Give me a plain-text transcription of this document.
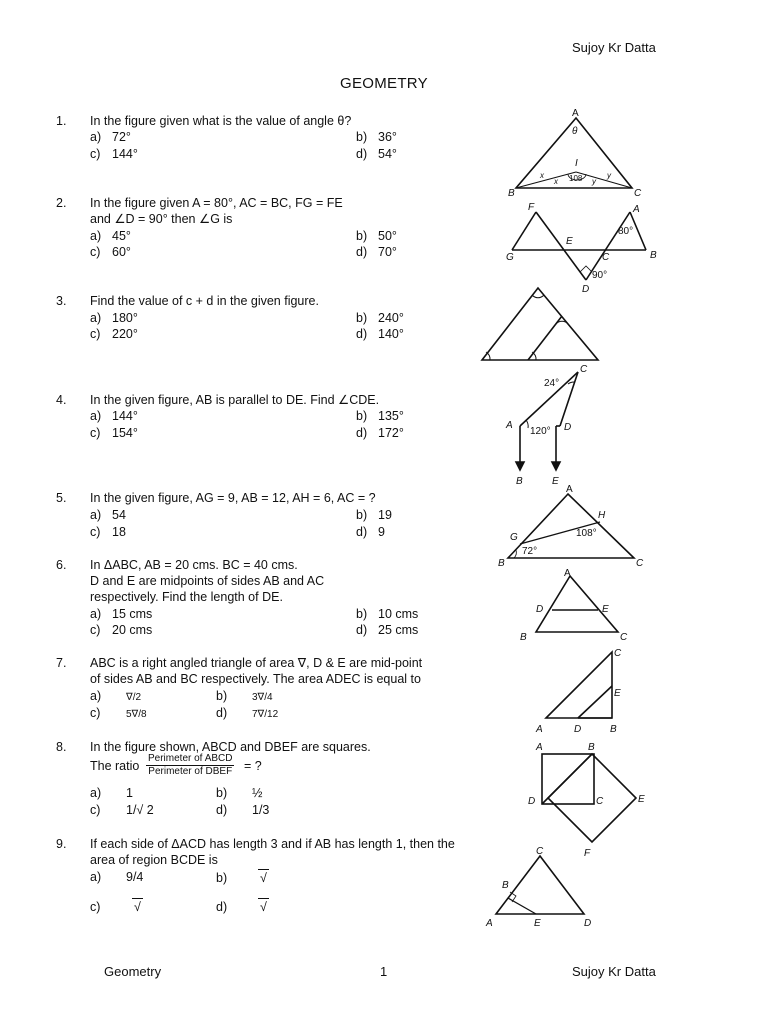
Sujoy Kr Datta
GEOMETRY
1.	In the figure given what is the value of angle θ?
a) 72°	b) 36°
c) 144°	d) 54°
2.	In the figure given A = 80°, AC = BC, FG = FE
and ∠D = 90° then ∠G is
a) 45°	b) 50°
c) 60°	d) 70°
3.	Find the value of c + d in the given figure.
a) 180°	b) 240°
c) 220°	d) 140°
4.	In the given figure, AB is parallel to DE. Find ∠CDE.
a) 144°	b) 135°
c) 154°	d) 172°
5.	In the given figure, AG = 9, AB = 12, AH = 6, AC = ?
a) 54	b) 19
c) 18	d) 9
6.	In ΔABC, AB = 20 cms. BC = 40 cms.
D and E are midpoints of sides AB and AC
respectively. Find the length of DE.
a) 15 cms	b) 10 cms
c) 20 cms	d) 25 cms
7.	ABC is a right angled triangle of area ∇, D & E are mid-point
of sides AB and BC respectively. The area ADEC is equal to
a) ∇/2	b) 3∇/4
c)	5∇/8	d) 7∇/12
8.	In the figure shown, ABCD and DBEF are squares.
The ratio
Perimeter of ABCD
Perimeter of DBEF = ?
a) 1	b) ½
c) 1/√ 2	d) 1/3
9.	If each side of ΔACD has length 3 and if AB has length 1, then the
area of region BCDE is
a) 9/4	b)	√
c)	√	d)	√
Geometry	1	Sujoy Kr Datta
A
θ
I
x
x
y
y
108
B	C
F	A
80°
G
E
C	B
90°
D
C
24°
A
120° D
B	E
A
H
108°
G
72°
B	C
A
D	E
B	C
C
E
A	D	B
A	B
D	C	E
F
C
B
A	E	D
